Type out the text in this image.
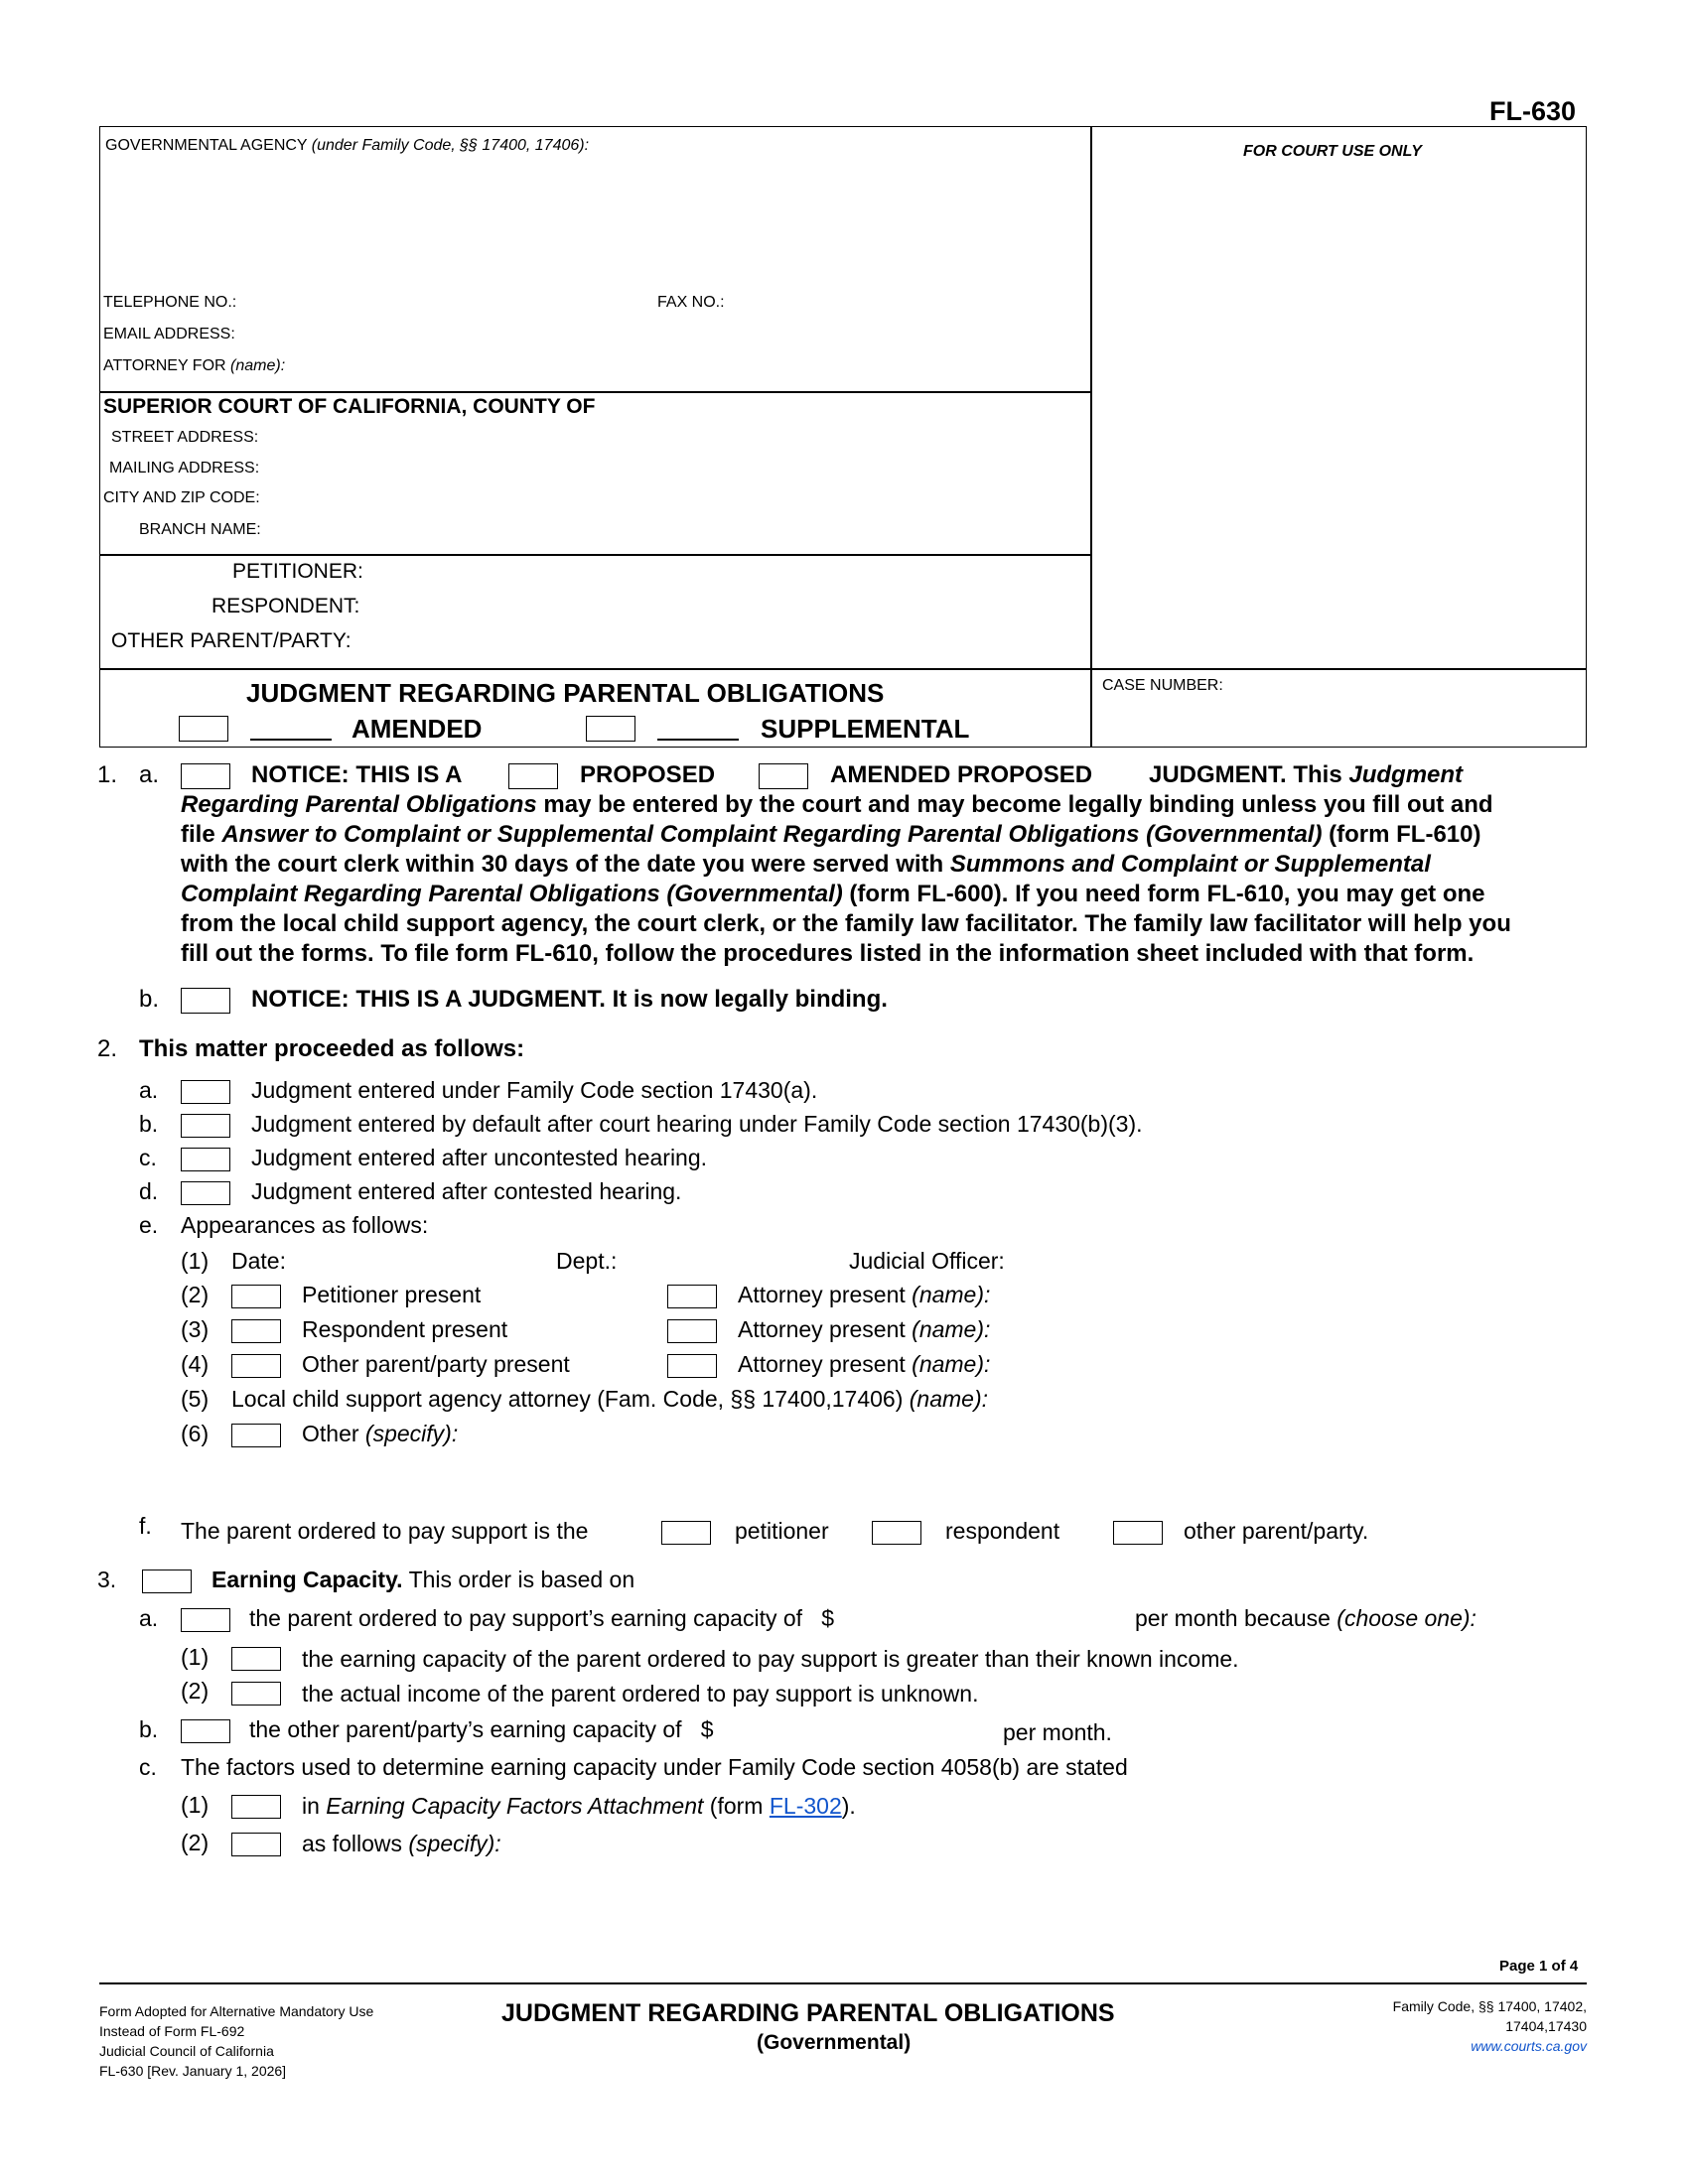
FL-630
GOVERNMENTAL AGENCY (under Family Code, §§ 17400, 17406):
TELEPHONE NO.:	FAX NO.:
EMAIL ADDRESS:
ATTORNEY FOR (name):
FOR COURT USE ONLY
SUPERIOR COURT OF CALIFORNIA, COUNTY OF
STREET ADDRESS:
MAILING ADDRESS:
CITY AND ZIP CODE:
BRANCH NAME:
PETITIONER:
RESPONDENT:
OTHER PARENT/PARTY:
JUDGMENT REGARDING PARENTAL OBLIGATIONS
AMENDED	SUPPLEMENTAL
CASE NUMBER:
1. a.	NOTICE: THIS IS A	PROPOSED	AMENDED PROPOSED JUDGMENT. This Judgment
Regarding Parental Obligations may be entered by the court and may become legally binding unless you fill out and
file Answer to Complaint or Supplemental Complaint Regarding Parental Obligations (Governmental) (form FL-610)
with the court clerk within 30 days of the date you were served with Summons and Complaint or Supplemental
Complaint Regarding Parental Obligations (Governmental) (form FL-600). If you need form FL-610, you may get one
from the local child support agency, the court clerk, or the family law facilitator. The family law facilitator will help you
fill out the forms. To file form FL-610, follow the procedures listed in the information sheet included with that form.
b.	NOTICE: THIS IS A JUDGMENT. It is now legally binding.
2. This matter proceeded as follows:
a.	Judgment entered under Family Code section 17430(a).
b.	Judgment entered by default after court hearing under Family Code section 17430(b)(3).
c.	Judgment entered after uncontested hearing.
d.	Judgment entered after contested hearing.
e. Appearances as follows:
(1) Date:	Dept.:	Judicial Officer:
(2)	Petitioner present	Attorney present (name):
(3)	Respondent present	Attorney present (name):
(4)	Other parent/party present	Attorney present (name):
(5) Local child support agency attorney (Fam. Code, §§ 17400,17406) (name):
(6)	Other (specify):
f. The parent ordered to pay support is the	petitioner	respondent	other parent/party.
3.	Earning Capacity. This order is based on
a.	the parent ordered to pay support’s earning capacity of $	per month because (choose one):
(1)	the earning capacity of the parent ordered to pay support is greater than their known income.
(2)	the actual income of the parent ordered to pay support is unknown.
b.	the other parent/party’s earning capacity of $	per month.
c. The factors used to determine earning capacity under Family Code section 4058(b) are stated
(1)	in Earning Capacity Factors Attachment (form FL-302).
(2)	as follows (specify):
Page 1 of 4
Form Adopted for Alternative Mandatory Use
Instead of Form FL-692
Judicial Council of California
FL-630 [Rev. January 1, 2026]
JUDGMENT REGARDING PARENTAL OBLIGATIONS
(Governmental)
Family Code, §§ 17400, 17402,
17404,17430
www.courts.ca.gov
